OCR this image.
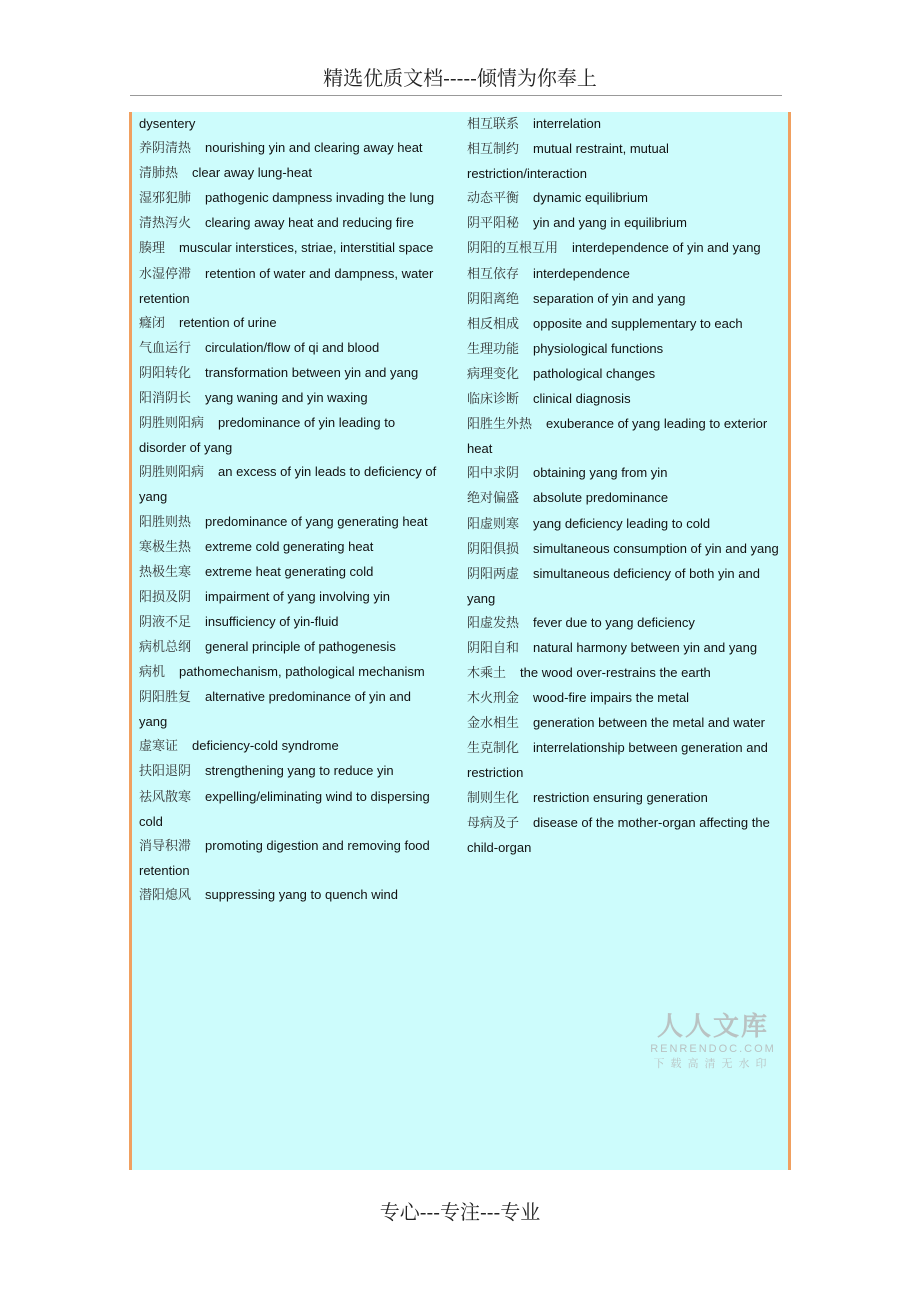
精选优质文档-----倾情为你奉上

dysentery

养阴清热 nourishing yin and clearing away heat

清肺热 clear away lung-heat

湿邪犯肺 pathogenic dampness invading the lung

清热泻火 clearing away heat and reducing fire

腠理 muscular interstices, striae, interstitial space

水湿停滞 retention of water and dampness, water retention

癃闭 retention of urine

气血运行 circulation/flow of qi and blood

阴阳转化 transformation between yin and yang

阳消阴长 yang waning and yin waxing

阴胜则阳病 predominance of yin leading to disorder of yang

阴胜则阳病 an excess of yin leads to deficiency of yang

阳胜则热 predominance of yang generating heat

寒极生热 extreme cold generating heat

热极生寒 extreme heat generating cold

阳损及阴 impairment of yang involving yin

阴液不足 insufficiency of yin-fluid

病机总纲 general principle of pathogenesis

病机 pathomechanism, pathological mechanism

阴阳胜复 alternative predominance of yin and yang

虚寒证 deficiency-cold syndrome

扶阳退阴 strengthening yang to reduce yin

祛风散寒 expelling/eliminating wind to dispersing cold

消导积滞 promoting digestion and removing food retention

潜阳熄风 suppressing yang to quench wind

相互联系 interrelation

相互制约 mutual restraint, mutual restriction/interaction

动态平衡 dynamic equilibrium

阴平阳秘 yin and yang in equilibrium

阴阳的互根互用 interdependence of yin and yang

相互依存 interdependence

阴阳离绝 separation of yin and yang

相反相成 opposite and supplementary to each

生理功能 physiological functions

病理变化 pathological changes

临床诊断 clinical diagnosis

阳胜生外热 exuberance of yang leading to exterior heat

阳中求阴 obtaining yang from yin

绝对偏盛 absolute predominance

阳虚则寒 yang deficiency leading to cold

阴阳俱损 simultaneous consumption of yin and yang

阴阳两虚 simultaneous deficiency of both yin and yang

阳虚发热 fever due to yang deficiency

阴阳自和 natural harmony between yin and yang

木乘土 the wood over-restrains the earth

木火刑金 wood-fire impairs the metal

金水相生 generation between the metal and water

生克制化 interrelationship between generation and restriction

制则生化 restriction ensuring generation

母病及子 disease of the mother-organ affecting the child-organ

人人文库
RENRENDOC.COM
下载高清无水印
专心---专注---专业
